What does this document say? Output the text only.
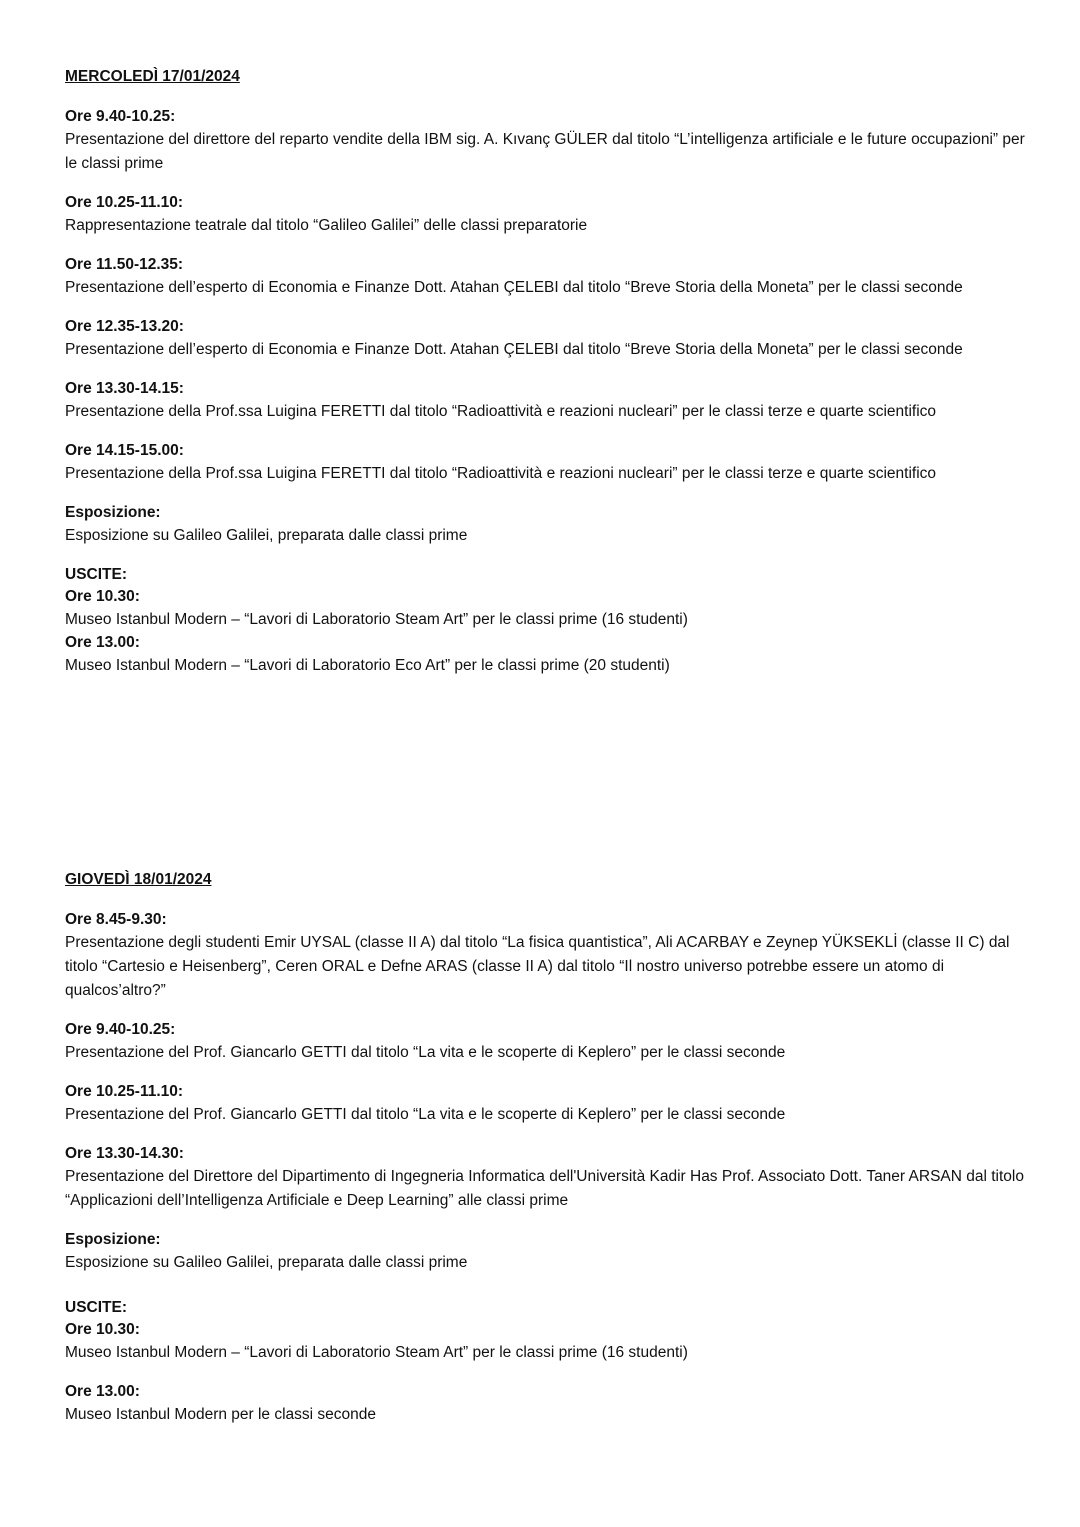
MERCOLEDÌ 17/01/2024

Ore 9.40-10.25:
Presentazione del direttore del reparto vendite della IBM sig. A. Kıvanç GÜLER dal titolo “L’intelligenza artificiale e le future occupazioni” per le classi prime
Ore 10.25-11.10:
Rappresentazione teatrale dal titolo “Galileo Galilei” delle classi preparatorie
Ore 11.50-12.35:
Presentazione dell’esperto di Economia e Finanze Dott. Atahan ÇELEBI dal titolo “Breve Storia della Moneta” per le classi seconde
Ore 12.35-13.20:
Presentazione dell’esperto di Economia e Finanze Dott. Atahan ÇELEBI dal titolo “Breve Storia della Moneta” per le classi seconde
Ore 13.30-14.15:
Presentazione della Prof.ssa Luigina FERETTI dal titolo “Radioattività e reazioni nucleari” per le classi terze e quarte scientifico
Ore 14.15-15.00:
Presentazione della Prof.ssa Luigina FERETTI dal titolo “Radioattività e reazioni nucleari” per le classi terze e quarte scientifico
Esposizione:
Esposizione su Galileo Galilei, preparata dalle classi prime
USCITE:
Ore 10.30:
Museo Istanbul Modern – “Lavori di Laboratorio Steam Art” per le classi prime (16 studenti)
Ore 13.00:
Museo Istanbul Modern – “Lavori di Laboratorio Eco Art” per le classi prime (20 studenti)

GIOVEDÌ 18/01/2024

Ore 8.45-9.30:
Presentazione degli studenti Emir UYSAL (classe II A) dal titolo “La fisica quantistica”, Ali ACARBAY e Zeynep YÜKSEKLİ (classe II C) dal titolo “Cartesio e Heisenberg”, Ceren ORAL e Defne ARAS (classe II A) dal titolo “Il nostro universo potrebbe essere un atomo di qualcos’altro?”
Ore 9.40-10.25:
Presentazione del Prof. Giancarlo GETTI dal titolo “La vita e le scoperte di Keplero” per le classi seconde
Ore 10.25-11.10:
Presentazione del Prof. Giancarlo GETTI dal titolo “La vita e le scoperte di Keplero” per le classi seconde
Ore 13.30-14.30:
Presentazione del Direttore del Dipartimento di Ingegneria Informatica dell'Università Kadir Has Prof. Associato Dott. Taner ARSAN dal titolo “Applicazioni dell’Intelligenza Artificiale e Deep Learning” alle classi prime
Esposizione:
Esposizione su Galileo Galilei, preparata dalle classi prime
USCITE:
Ore 10.30:
Museo Istanbul Modern – “Lavori di Laboratorio Steam Art” per le classi prime (16 studenti)
Ore 13.00:
Museo Istanbul Modern per le classi seconde
